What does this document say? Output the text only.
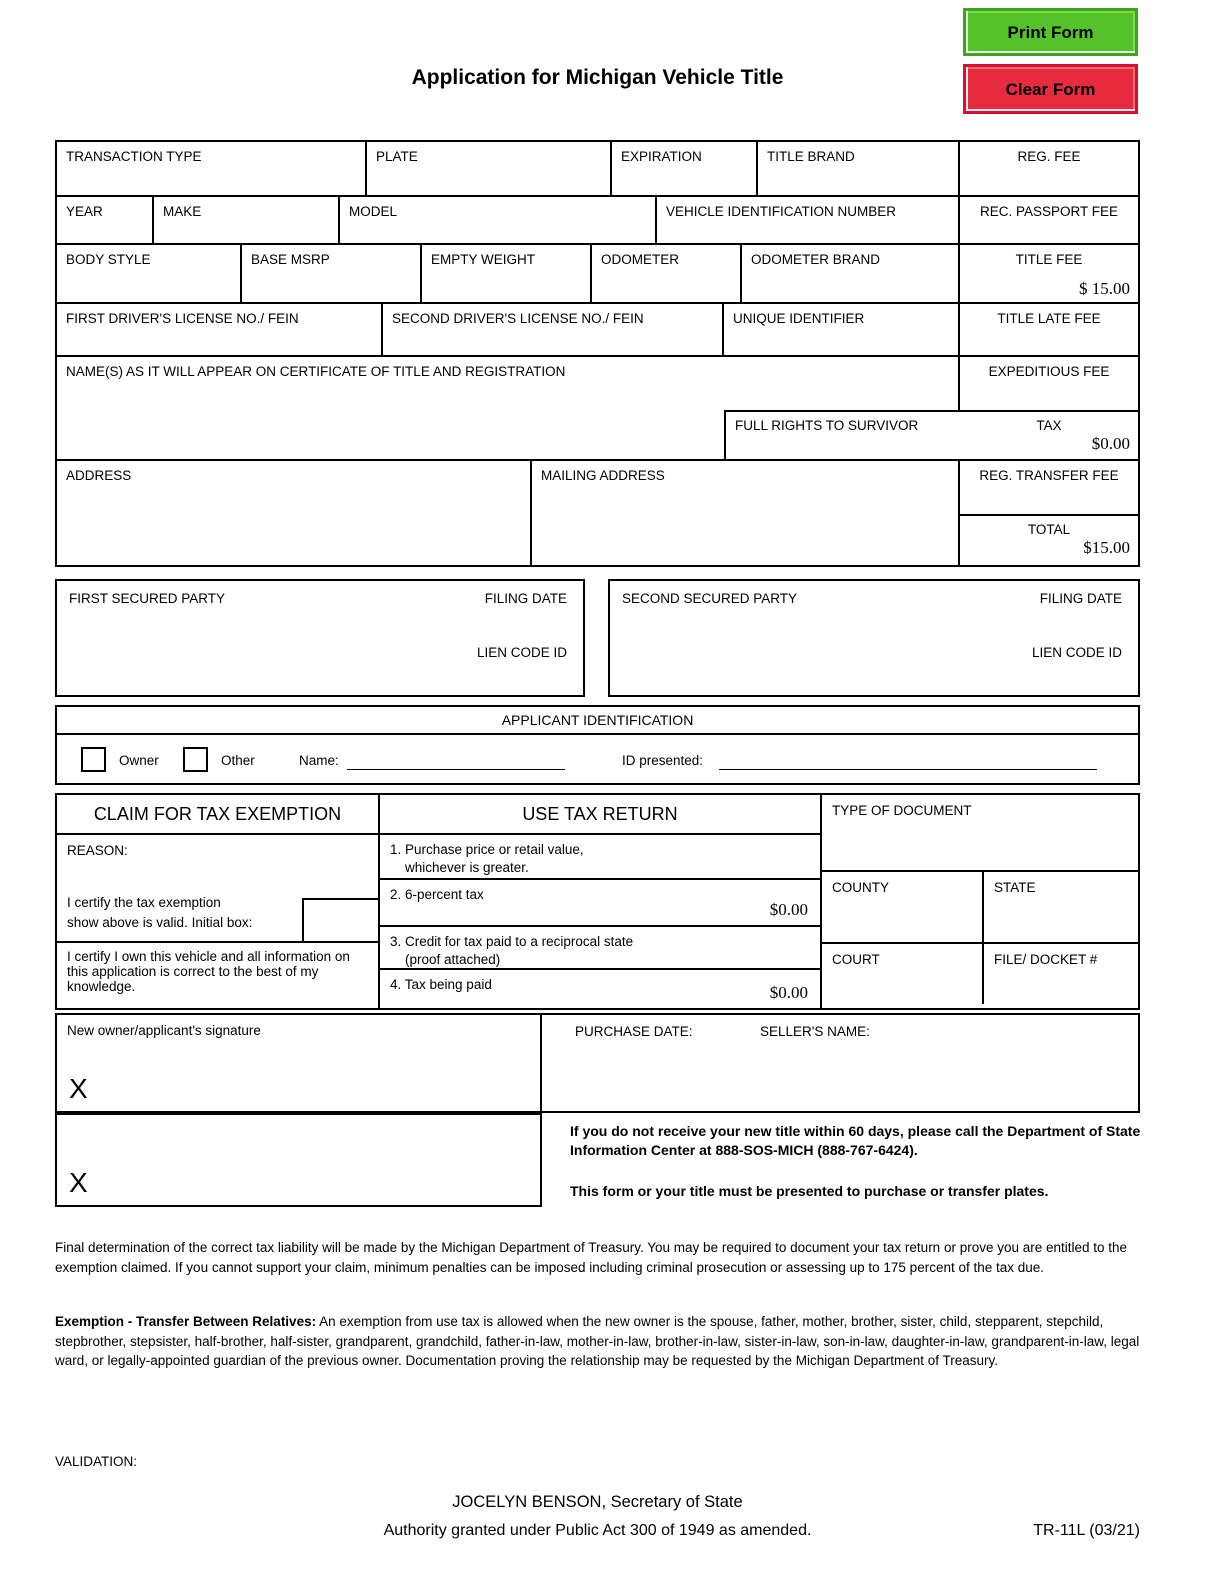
Print Form
Clear Form
Application for Michigan Vehicle Title
TRANSACTION TYPE	PLATE	EXPIRATION	TITLE BRAND	REG. FEE
YEAR	MAKE	MODEL	VEHICLE IDENTIFICATION NUMBER	REC. PASSPORT FEE
BODY STYLE	BASE MSRP	EMPTY WEIGHT	ODOMETER	ODOMETER BRAND	TITLE FEE
$ 15.00
FIRST DRIVER'S LICENSE NO./ FEIN	SECOND DRIVER'S LICENSE NO./ FEIN	UNIQUE IDENTIFIER	TITLE LATE FEE
NAME(S) AS IT WILL APPEAR ON CERTIFICATE OF TITLE AND REGISTRATION
FULL RIGHTS TO SURVIVOR
EXPEDITIOUS FEE
TAX
$0.00
ADDRESS	MAILING ADDRESS	REG. TRANSFER FEE
TOTAL
$15.00
FIRST SECURED PARTY	FILING DATE
LIEN CODE ID
SECOND SECURED PARTY	FILING DATE
LIEN CODE ID
APPLICANT IDENTIFICATION
Owner	Other	Name:	ID presented:
CLAIM FOR TAX EXEMPTION
REASON:
I certify the tax exemption
show above is valid. Initial box:
I certify I own this vehicle and all information on this application is correct to the best of my knowledge.
USE TAX RETURN
1. Purchase price or retail value,

whichever is greater.
2. 6-percent tax
$0.00
3. Credit for tax paid to a reciprocal state

(proof attached)
4. Tax being paid	$0.00
TYPE OF DOCUMENT
COUNTY	STATE
COURT	FILE/ DOCKET #
New owner/applicant's signature
X
PURCHASE DATE:	SELLER'S NAME:
X
If you do not receive your new title within 60 days, please call the Department of State Information Center at 888-SOS-MICH (888-767-6424).
This form or your title must be presented to purchase or transfer plates.
Final determination of the correct tax liability will be made by the Michigan Department of Treasury. You may be required to document your tax return or prove you are entitled to the exemption claimed. If you cannot support your claim, minimum penalties can be imposed including criminal prosecution or assessing up to 175 percent of the tax due.
Exemption - Transfer Between Relatives: An exemption from use tax is allowed when the new owner is the spouse, father, mother, brother, sister, child, stepparent, stepchild, stepbrother, stepsister, half-brother, half-sister, grandparent, grandchild, father-in-law, mother-in-law, brother-in-law, sister-in-law, son-in-law, daughter-in-law, grandparent-in-law, legal ward, or legally-appointed guardian of the previous owner. Documentation proving the relationship may be requested by the Michigan Department of Treasury.
VALIDATION:
JOCELYN BENSON, Secretary of State
Authority granted under Public Act 300 of 1949 as amended.	TR-11L (03/21)
